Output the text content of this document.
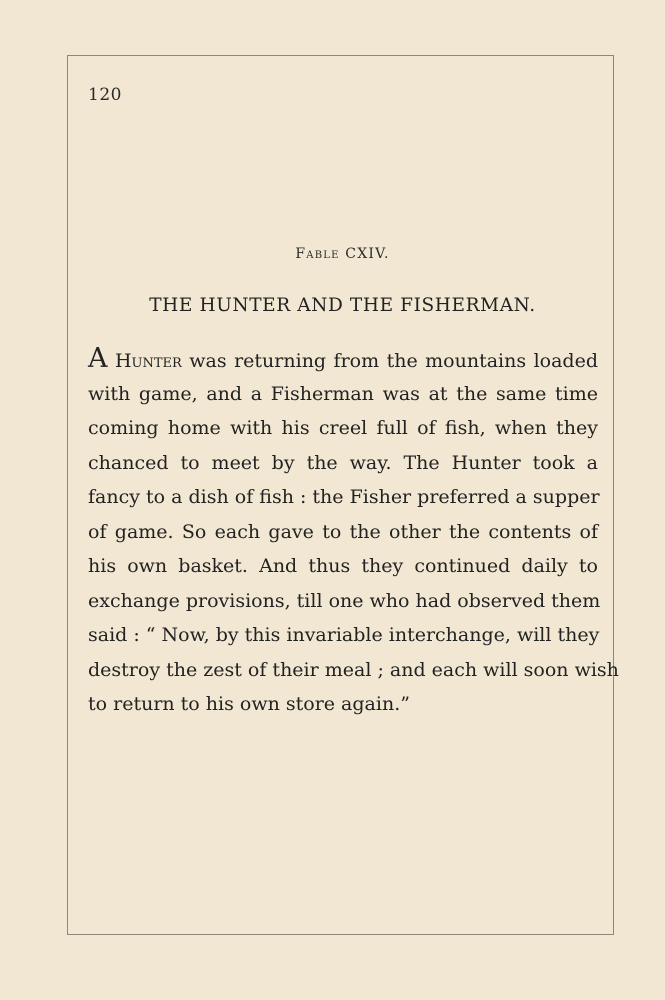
120
Fable CXIV.
THE HUNTER AND THE FISHERMAN.
A Hunter was returning from the mountains loaded
with game, and a Fisherman was at the same time
coming home with his creel full of fish, when they
chanced to meet by the way. The Hunter took a
fancy to a dish of fish : the Fisher preferred a supper
of game. So each gave to the other the contents of
his own basket. And thus they continued daily to
exchange provisions, till one who had observed them
said : “ Now, by this invariable interchange, will they
destroy the zest of their meal ; and each will soon wish
to return to his own store again.”
